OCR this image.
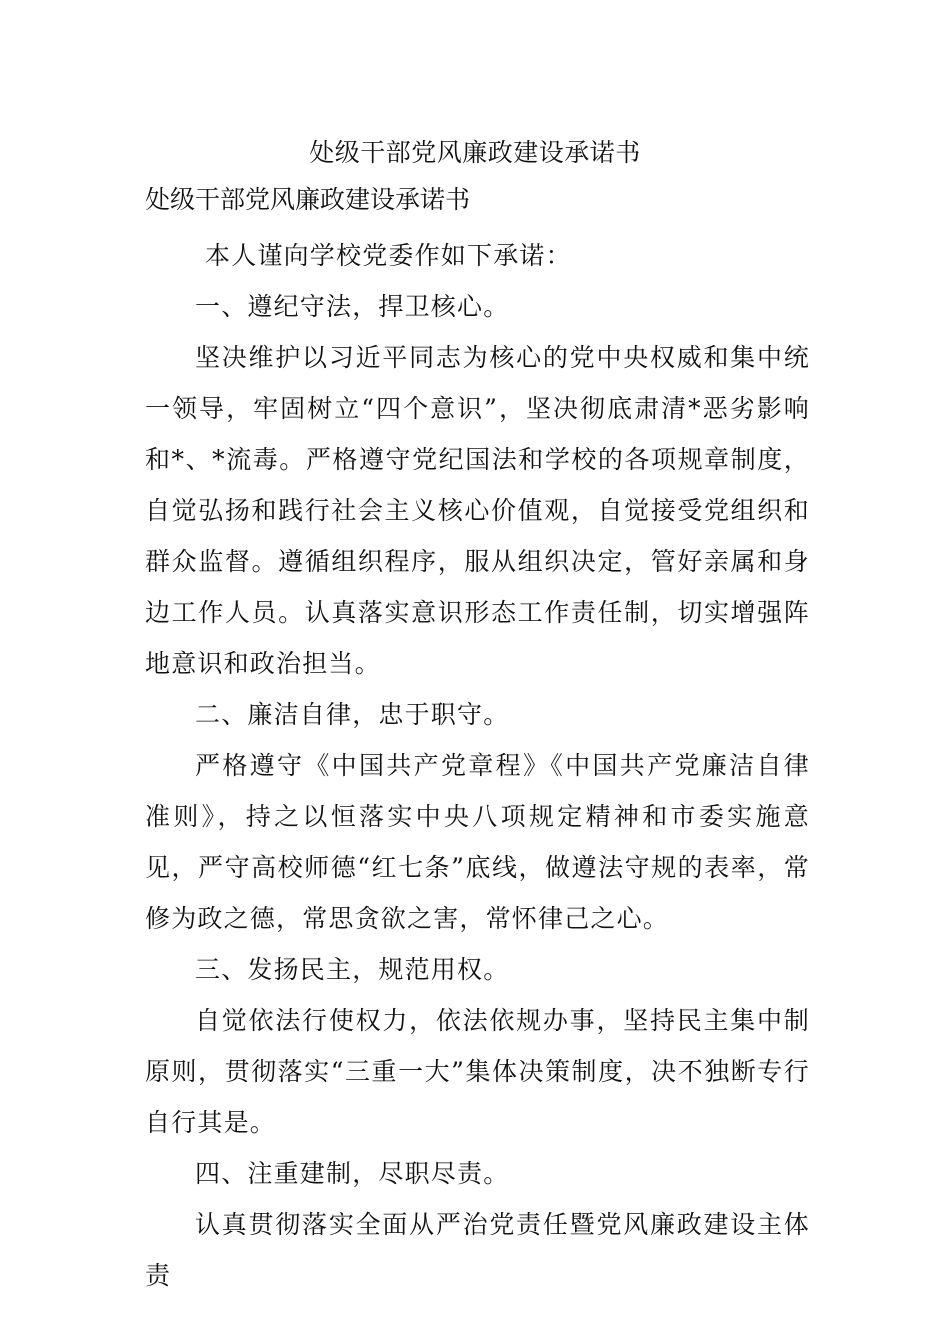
处级干部党风廉政建设承诺书
处级干部党风廉政建设承诺书

本人谨向学校党委作如下承诺：

一、遵纪守法，捍卫核心。

坚决维护以习近平同志为核心的党中央权威和集中统一领导，牢固树立“四个意识”，坚决彻底肃清*恶劣影响和*、*流毒。严格遵守党纪国法和学校的各项规章制度，自觉弘扬和践行社会主义核心价值观，自觉接受党组织和群众监督。遵循组织程序，服从组织决定，管好亲属和身边工作人员。认真落实意识形态工作责任制，切实增强阵地意识和政治担当。

二、廉洁自律，忠于职守。

严格遵守《中国共产党章程》《中国共产党廉洁自律准则》，持之以恒落实中央八项规定精神和市委实施意见，严守高校师德“红七条”底线，做遵法守规的表率，常修为政之德，常思贪欲之害，常怀律己之心。

三、发扬民主，规范用权。

自觉依法行使权力，依法依规办事，坚持民主集中制原则，贯彻落实“三重一大”集体决策制度，决不独断专行自行其是。

四、注重建制，尽职尽责。

认真贯彻落实全面从严治党责任暨党风廉政建设主体责
